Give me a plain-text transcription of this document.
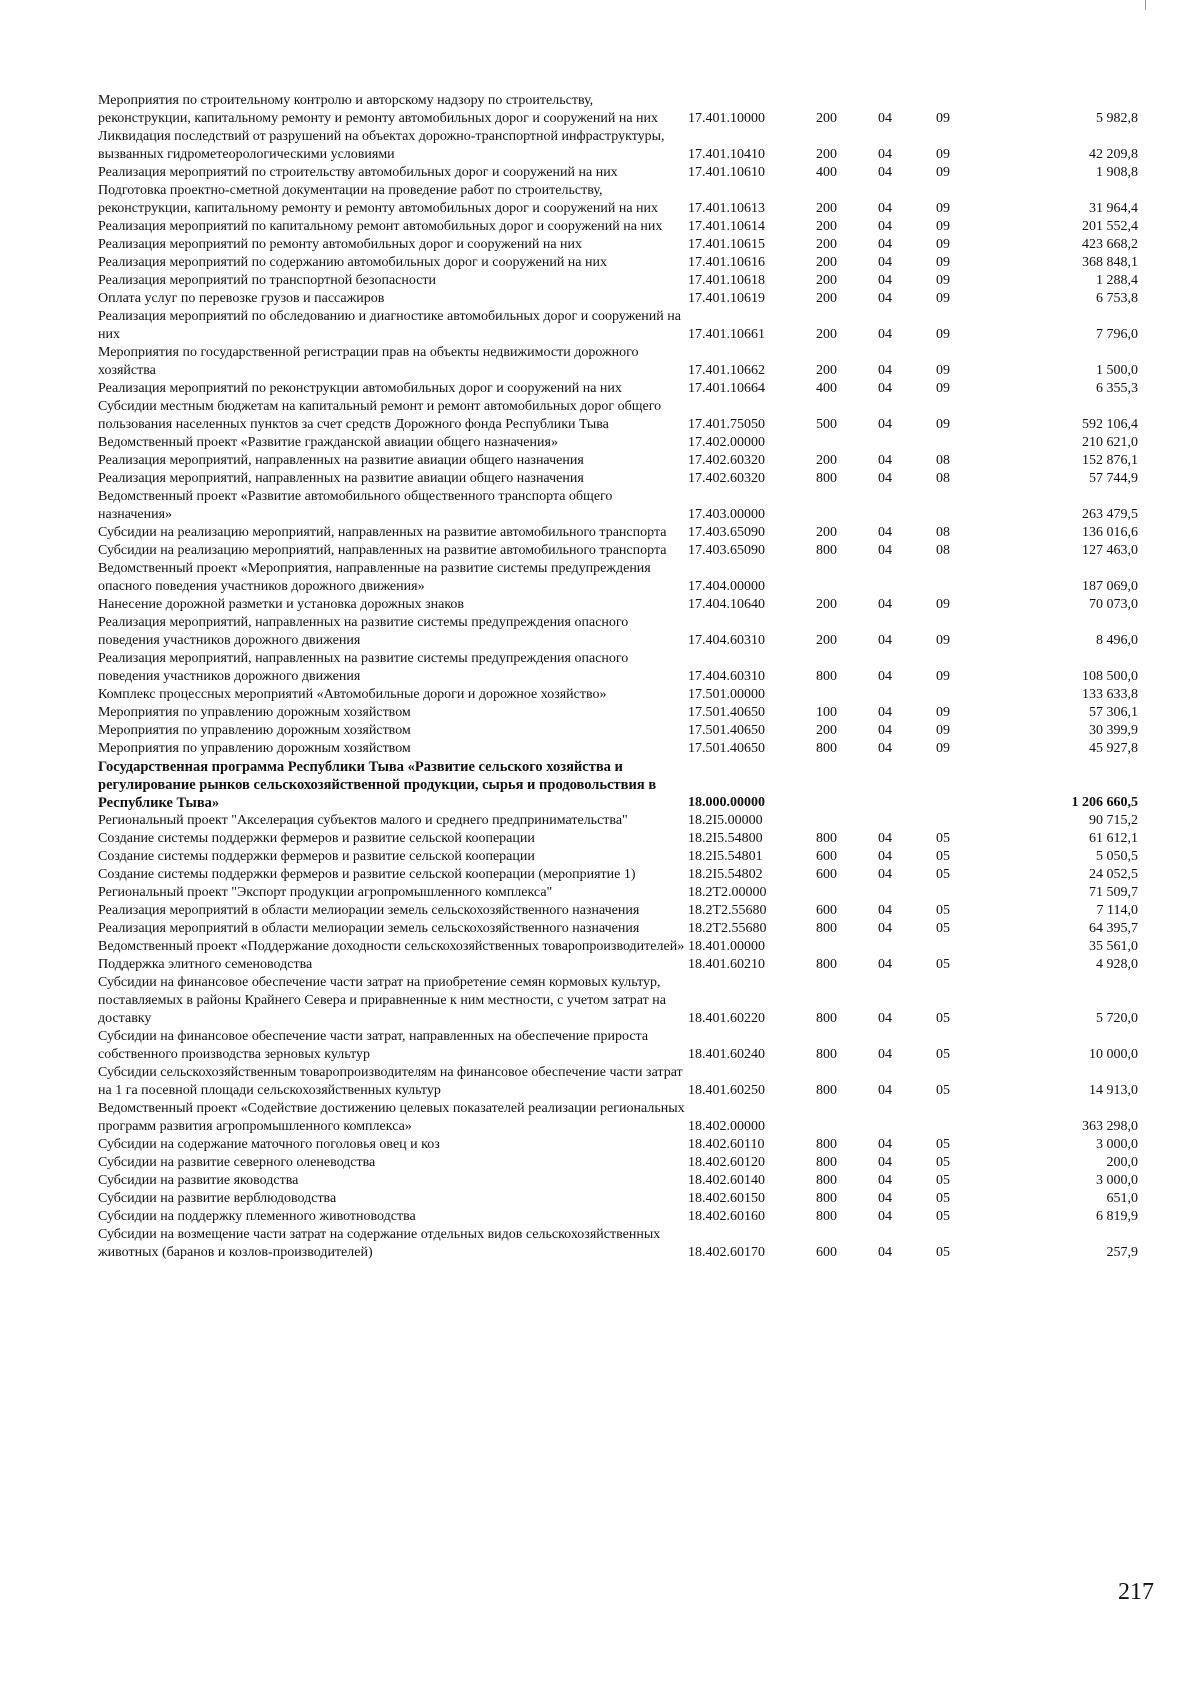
Мероприятия по строительному контролю и авторскому надзору по строительству, реконструкции, капитальному ремонту и ремонту автомобильных дорог и сооружений на них	17.401.10000	200	04	09	5 982,8
Ликвидация последствий от разрушений на объектах дорожно-транспортной инфраструктуры, вызванных гидрометеорологическими условиями	17.401.10410	200	04	09	42 209,8
Реализация мероприятий по строительству автомобильных дорог и сооружений на них	17.401.10610	400	04	09	1 908,8
Подготовка проектно-сметной документации на проведение работ по строительству, реконструкции, капитальному ремонту и ремонту автомобильных дорог и сооружений на них	17.401.10613	200	04	09	31 964,4
Реализация мероприятий по капитальному ремонт автомобильных дорог и сооружений на них	17.401.10614	200	04	09	201 552,4
Реализация мероприятий по ремонту автомобильных дорог и сооружений на них	17.401.10615	200	04	09	423 668,2
Реализация мероприятий по содержанию автомобильных дорог и сооружений на них	17.401.10616	200	04	09	368 848,1
Реализация мероприятий по транспортной безопасности	17.401.10618	200	04	09	1 288,4
Оплата услуг по перевозке грузов и пассажиров	17.401.10619	200	04	09	6 753,8
Реализация мероприятий по обследованию и диагностике автомобильных дорог и сооружений на них	17.401.10661	200	04	09	7 796,0
Мероприятия по государственной регистрации прав на объекты недвижимости дорожного хозяйства	17.401.10662	200	04	09	1 500,0
Реализация мероприятий по реконструкции автомобильных дорог и сооружений на них	17.401.10664	400	04	09	6 355,3
Субсидии местным бюджетам на капитальный ремонт и ремонт автомобильных дорог общего пользования населенных пунктов за счет средств Дорожного фонда Республики Тыва	17.401.75050	500	04	09	592 106,4
Ведомственный проект «Развитие гражданской авиации общего назначения»	17.402.00000				210 621,0
Реализация мероприятий, направленных на развитие авиации общего назначения	17.402.60320	200	04	08	152 876,1
Реализация мероприятий, направленных на развитие авиации общего назначения	17.402.60320	800	04	08	57 744,9
Ведомственный проект «Развитие автомобильного общественного транспорта общего назначения»	17.403.00000				263 479,5
Субсидии на реализацию мероприятий, направленных на развитие автомобильного транспорта	17.403.65090	200	04	08	136 016,6
Субсидии на реализацию мероприятий, направленных на развитие автомобильного транспорта	17.403.65090	800	04	08	127 463,0
Ведомственный проект «Мероприятия, направленные на развитие системы предупреждения опасного поведения участников дорожного движения»	17.404.00000				187 069,0
Нанесение дорожной разметки и установка дорожных знаков	17.404.10640	200	04	09	70 073,0
Реализация мероприятий, направленных на развитие системы предупреждения опасного поведения участников дорожного движения	17.404.60310	200	04	09	8 496,0
Реализация мероприятий, направленных на развитие системы предупреждения опасного поведения участников дорожного движения	17.404.60310	800	04	09	108 500,0
Комплекс процессных мероприятий «Автомобильные дороги и дорожное хозяйство»	17.501.00000				133 633,8
Мероприятия по управлению дорожным хозяйством	17.501.40650	100	04	09	57 306,1
Мероприятия по управлению дорожным хозяйством	17.501.40650	200	04	09	30 399,9
Мероприятия по управлению дорожным хозяйством	17.501.40650	800	04	09	45 927,8
Государственная программа Республики Тыва «Развитие сельского хозяйства и регулирование рынков сельскохозяйственной продукции, сырья и продовольствия в Республике Тыва»	18.000.00000				1 206 660,5
Региональный проект "Акселерация субъектов малого и среднего предпринимательства"	18.2I5.00000				90 715,2
Создание системы поддержки фермеров и развитие сельской кооперации	18.2I5.54800	800	04	05	61 612,1
Создание системы поддержки фермеров и развитие сельской кооперации	18.2I5.54801	600	04	05	5 050,5
Создание системы поддержки фермеров и развитие сельской кооперации (мероприятие 1)	18.2I5.54802	600	04	05	24 052,5
Региональный проект "Экспорт продукции агропромышленного комплекса"	18.2T2.00000				71 509,7
Реализация мероприятий в области мелиорации земель сельскохозяйственного назначения	18.2T2.55680	600	04	05	7 114,0
Реализация мероприятий в области мелиорации земель сельскохозяйственного назначения	18.2T2.55680	800	04	05	64 395,7
Ведомственный проект «Поддержание доходности сельскохозяйственных товаропроизводителей»	18.401.00000				35 561,0
Поддержка элитного семеноводства	18.401.60210	800	04	05	4 928,0
Субсидии на финансовое обеспечение части затрат на приобретение семян кормовых культур, поставляемых в районы Крайнего Севера и приравненные к ним местности, с учетом затрат на доставку	18.401.60220	800	04	05	5 720,0
Субсидии на финансовое обеспечение части затрат, направленных на обеспечение прироста собственного производства зерновых культур	18.401.60240	800	04	05	10 000,0
Субсидии сельскохозяйственным товаропроизводителям на финансовое обеспечение части затрат на 1 га посевной площади сельскохозяйственных культур	18.401.60250	800	04	05	14 913,0
Ведомственный проект «Содействие достижению целевых показателей реализации региональных программ развития агропромышленного комплекса»	18.402.00000				363 298,0
Субсидии на содержание маточного поголовья овец и коз	18.402.60110	800	04	05	3 000,0
Субсидии на развитие северного оленеводства	18.402.60120	800	04	05	200,0
Субсидии на развитие яководства	18.402.60140	800	04	05	3 000,0
Субсидии на развитие верблюдоводства	18.402.60150	800	04	05	651,0
Субсидии на поддержку племенного животноводства	18.402.60160	800	04	05	6 819,9
Субсидии на возмещение части затрат на содержание отдельных видов сельскохозяйственных животных (баранов и козлов-производителей)	18.402.60170	600	04	05	257,9
217
